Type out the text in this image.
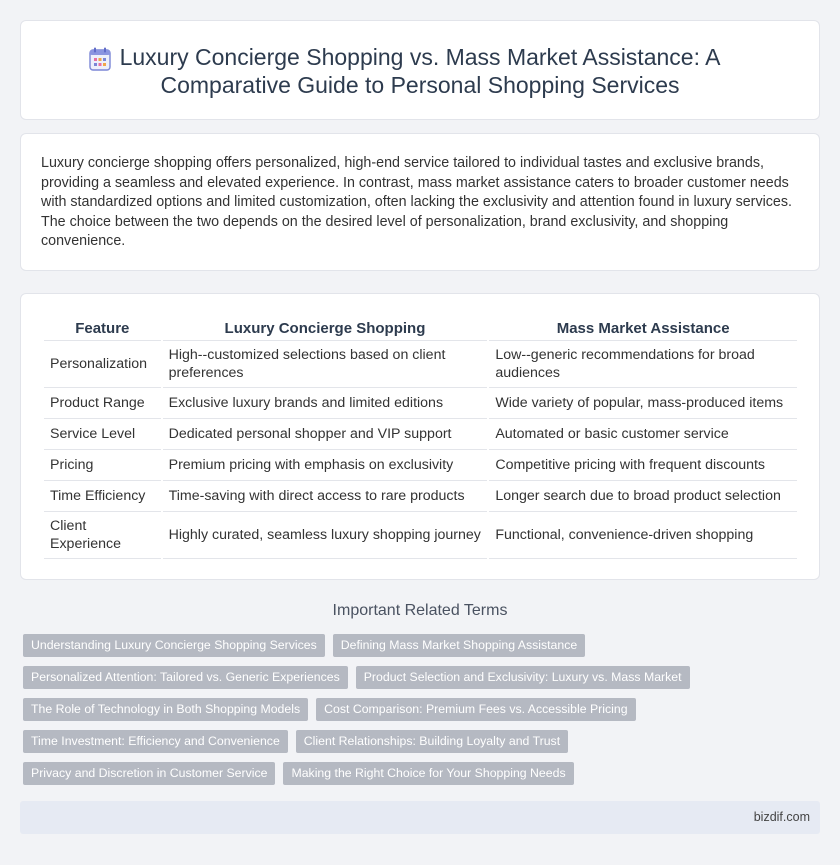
Luxury Concierge Shopping vs. Mass Market Assistance: A Comparative Guide to Personal Shopping Services

Luxury concierge shopping offers personalized, high-end service tailored to individual tastes and exclusive brands, providing a seamless and elevated experience. In contrast, mass market assistance caters to broader customer needs with standardized options and limited customization, often lacking the exclusivity and attention found in luxury services. The choice between the two depends on the desired level of personalization, brand exclusivity, and shopping convenience.

Feature	Luxury Concierge Shopping	Mass Market Assistance
Personalization	High--customized selections based on client preferences	Low--generic recommendations for broad audiences
Product Range	Exclusive luxury brands and limited editions	Wide variety of popular, mass-produced items
Service Level	Dedicated personal shopper and VIP support	Automated or basic customer service
Pricing	Premium pricing with emphasis on exclusivity	Competitive pricing with frequent discounts
Time Efficiency	Time-saving with direct access to rare products	Longer search due to broad product selection
Client Experience	Highly curated, seamless luxury shopping journey	Functional, convenience-driven shopping
Important Related Terms
Understanding Luxury Concierge Shopping Services	Defining Mass Market Shopping Assistance
Personalized Attention: Tailored vs. Generic Experiences	Product Selection and Exclusivity: Luxury vs. Mass Market
The Role of Technology in Both Shopping Models	Cost Comparison: Premium Fees vs. Accessible Pricing
Time Investment: Efficiency and Convenience	Client Relationships: Building Loyalty and Trust
Privacy and Discretion in Customer Service	Making the Right Choice for Your Shopping Needs
bizdif.com
